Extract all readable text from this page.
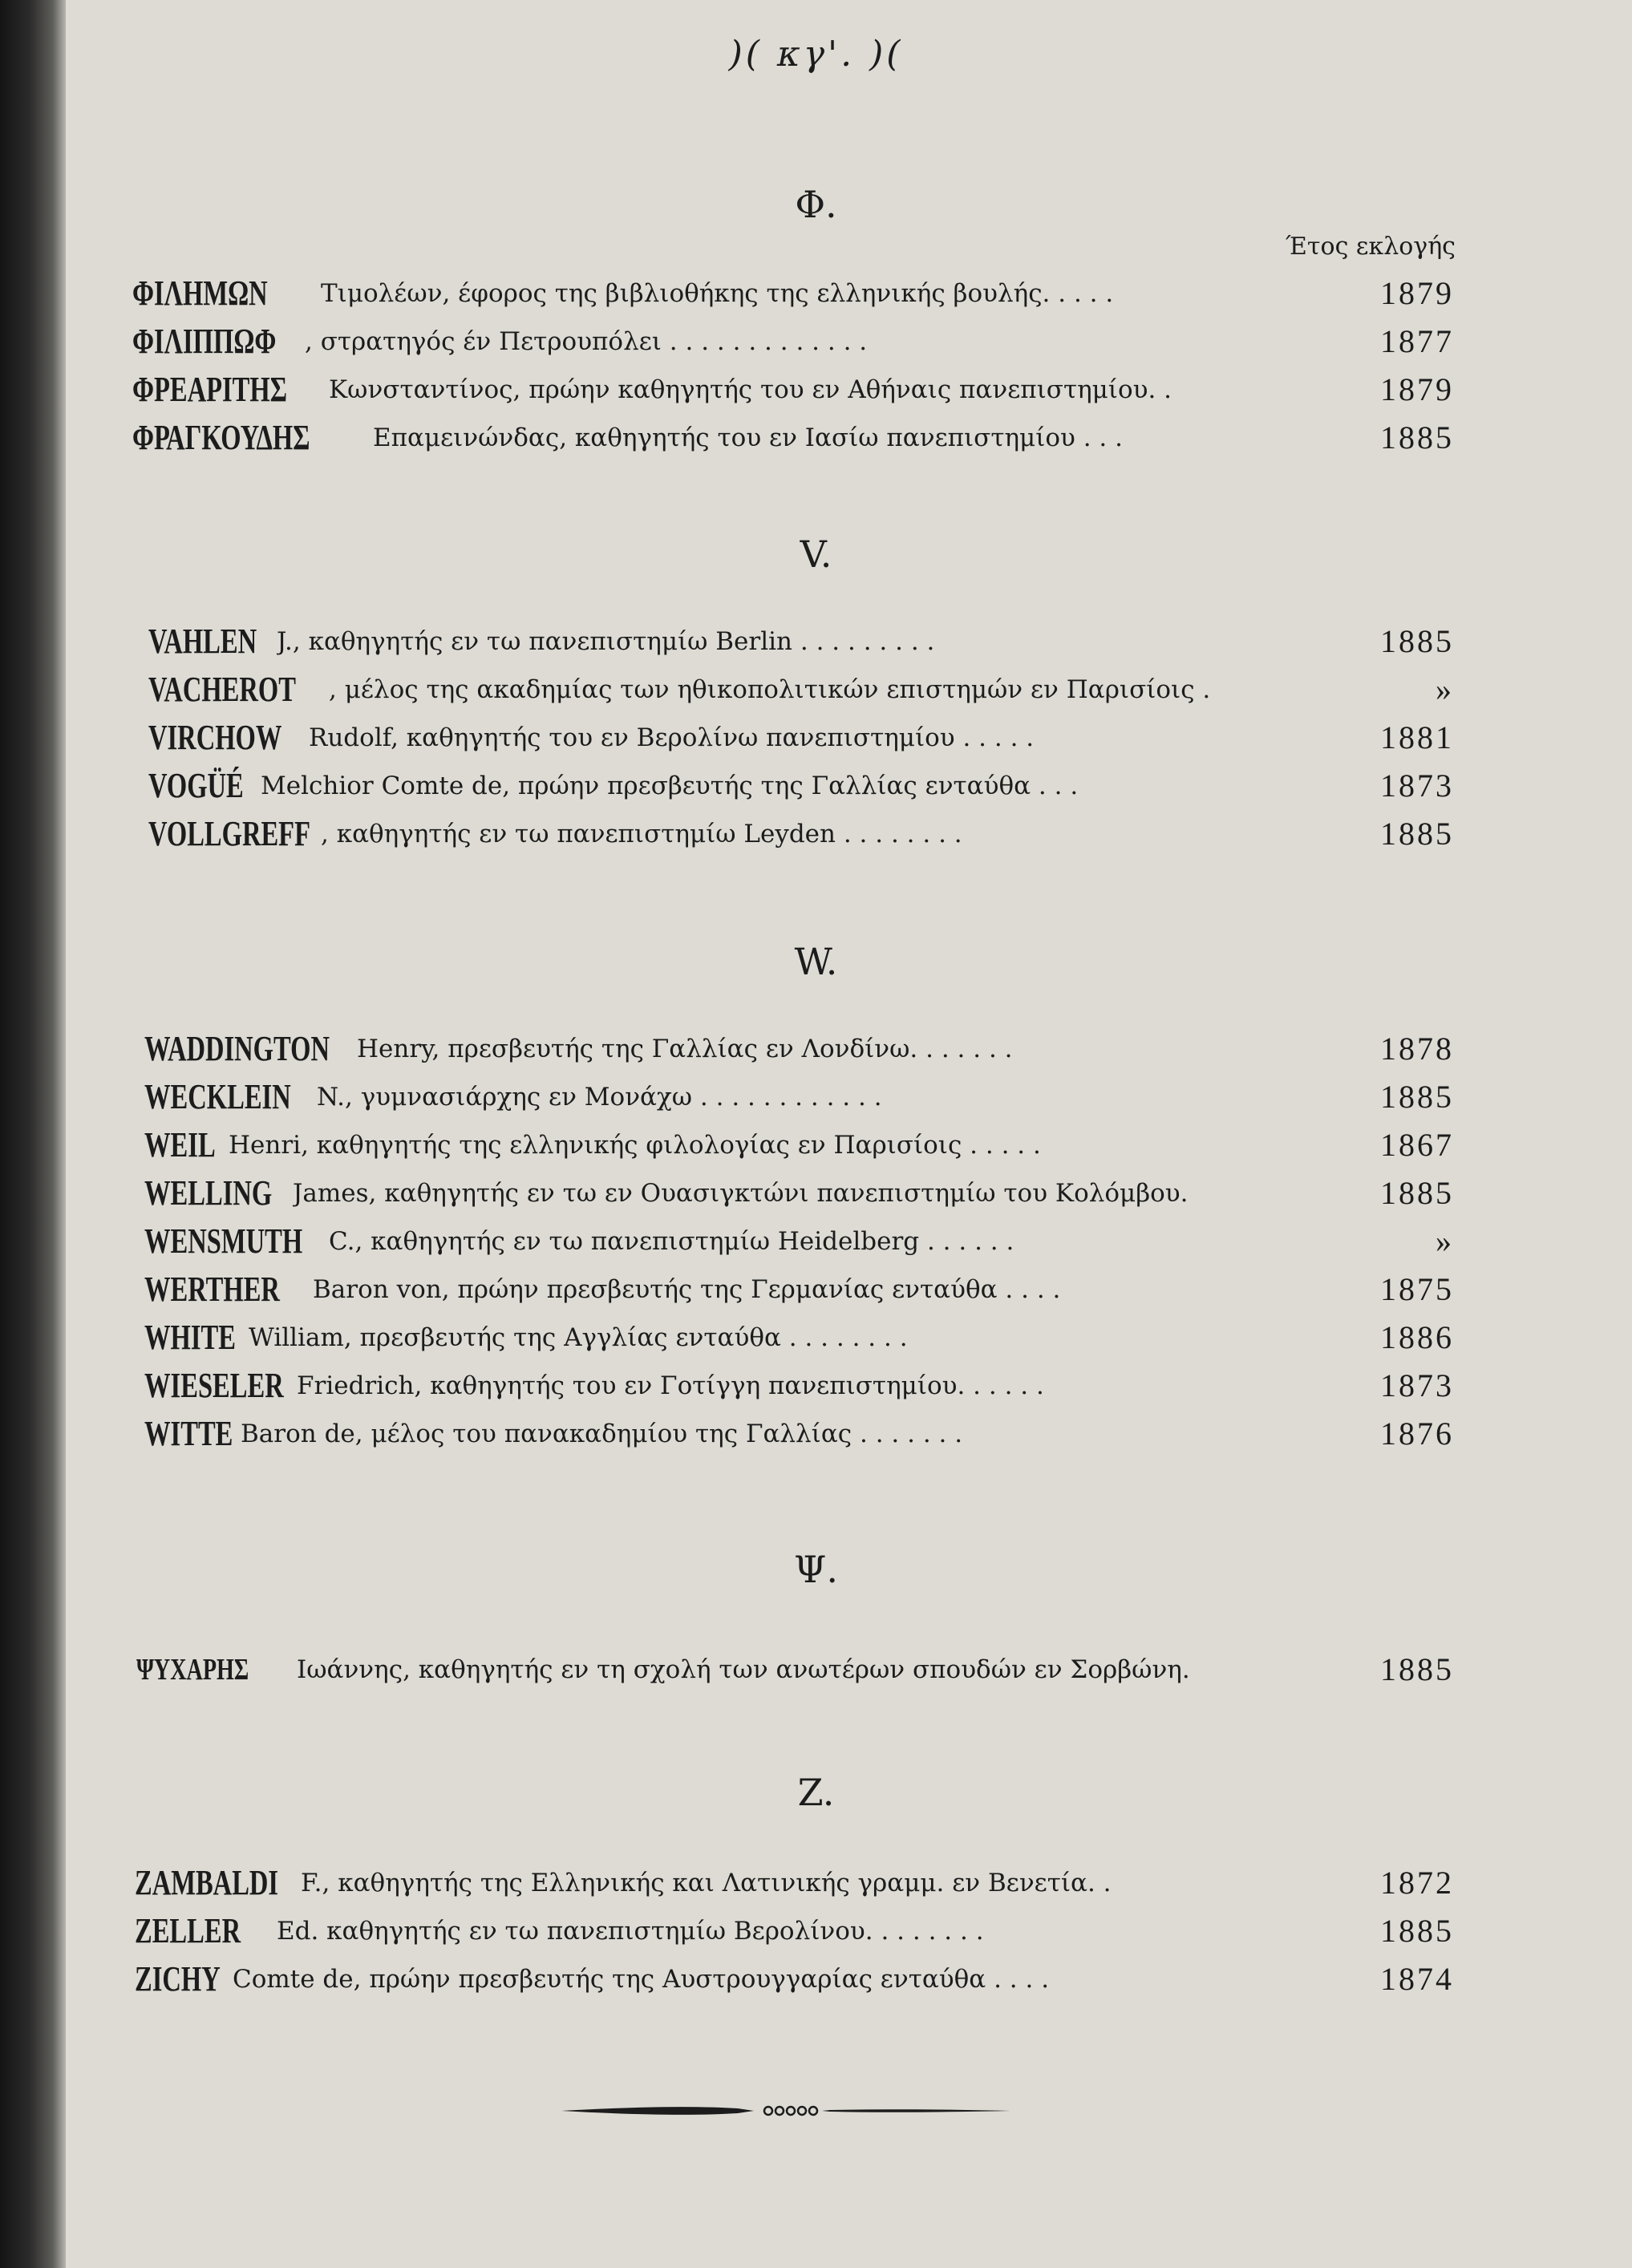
)( κγ'. )(
Φ.
Έτος εκλογής
ΦΙΛΗΜΩΝ Τιμολέων, έφορος της βιβλιοθήκης της ελληνικής βουλής. . . . .	1879
ΦΙΛΙΠΠΩΦ , στρατηγός έν Πετρουπόλει . . . . . . . . . . . . .	1877
ΦΡΕΑΡΙΤΗΣ Κωνσταντίνος, πρώην καθηγητής του εν Αθήναις πανεπιστημίου. .	1879
ΦΡΑΓΚΟΥΔΗΣ	Επαμεινώνδας, καθηγητής του εν Ιασίω πανεπιστημίου . . .	1885
V.
VAHLEN J., καθηγητής εν τω πανεπιστημίω Berlin . . . . . . . . .	1885
VACHEROT , μέλος της ακαδημίας των ηθικοπολιτικών επιστημών εν Παρισίοις .	»
VIRCHOW Rudolf, καθηγητής του εν Βερολίνω πανεπιστημίου . . . . .	1881
VOGÜÉ Melchior Comte de, πρώην πρεσβευτής της Γαλλίας ενταύθα . . .	1873
VOLLGREFF , καθηγητής εν τω πανεπιστημίω Leyden . . . . . . . .	1885
W.
WADDINGTON Henry, πρεσβευτής της Γαλλίας εν Λονδίνω. . . . . . .	1878
WECKLEIN N., γυμνασιάρχης εν Μονάχω . . . . . . . . . . . .	1885
WEIL Henri, καθηγητής της ελληνικής φιλολογίας εν Παρισίοις . . . . .	1867
WELLING James, καθηγητής εν τω εν Ουασιγκτώνι πανεπιστημίω του Κολόμβου.	1885
WENSMUTH C., καθηγητής εν τω πανεπιστημίω Heidelberg . . . . . .	»
WERTHER Baron von, πρώην πρεσβευτής της Γερμανίας ενταύθα . . . .	1875
WHITE William, πρεσβευτής της Αγγλίας ενταύθα . . . . . . . .	1886
WIESELER Friedrich, καθηγητής του εν Γοτίγγη πανεπιστημίου. . . . . .	1873
WITTE Baron de, μέλος του πανακαδημίου της Γαλλίας . . . . . . .	1876
Ψ.
ΨΥΧΑΡΗΣ Ιωάννης, καθηγητής εν τη σχολή των ανωτέρων σπουδών εν Σορβώνη.	1885
Z.
ZAMBALDI F., καθηγητής της Ελληνικής και Λατινικής γραμμ. εν Βενετία. .	1872
ZELLER Ed. καθηγητής εν τω πανεπιστημίω Βερολίνου. . . . . . . .	1885
ZICHY Comte de, πρώην πρεσβευτής της Αυστρουγγαρίας ενταύθα . . . .	1874
